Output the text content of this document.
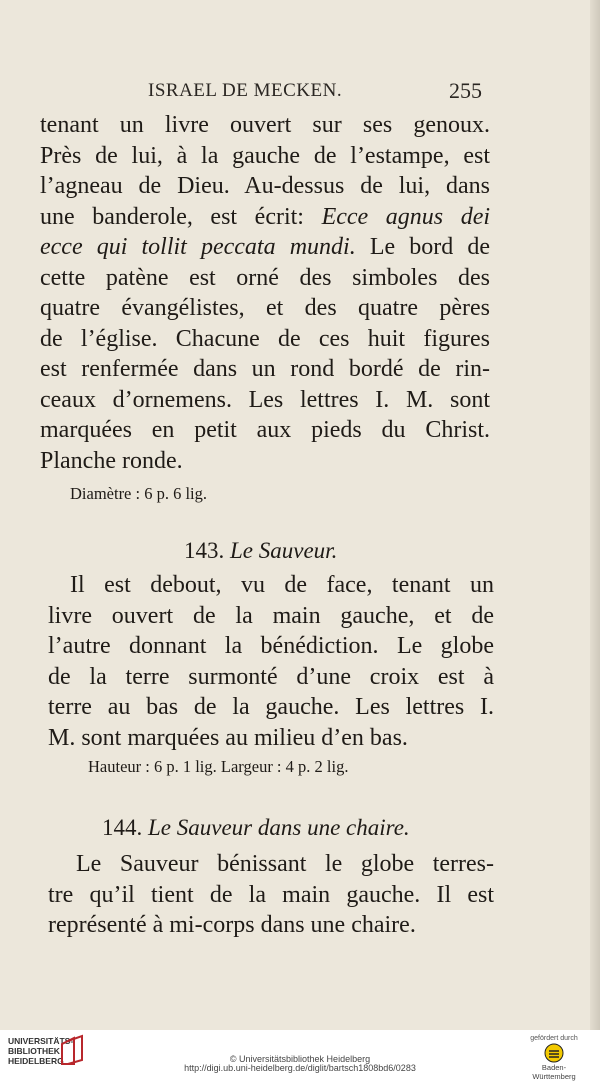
ISRAEL DE MECKEN.	255
tenant un livre ouvert sur ses genoux.
Près de lui, à la gauche de l’estampe, est
l’agneau de Dieu. Au-dessus de lui, dans
une banderole, est écrit: Ecce agnus dei
ecce qui tollit peccata mundi. Le bord de
cette patène est orné des simboles des
quatre évangélistes, et des quatre pères
de l’église. Chacune de ces huit figures
est renfermée dans un rond bordé de rin-
ceaux d’ornemens. Les lettres I. M. sont
marquées en petit aux pieds du Christ.
Planche ronde.
Diamètre : 6 p. 6 lig.
143. Le Sauveur.
Il est debout, vu de face, tenant un
livre ouvert de la main gauche, et de
l’autre donnant la bénédiction. Le globe
de la terre surmonté d’une croix est à
terre au bas de la gauche. Les lettres I.
M. sont marquées au milieu d’en bas.
Hauteur : 6 p. 1 lig. Largeur : 4 p. 2 lig.
144. Le Sauveur dans une chaire.
Le Sauveur bénissant le globe terres-
tre qu’il tient de la main gauche. Il est
représenté à mi-corps dans une chaire.
UNIVERSITÄTS-
BIBLIOTHEK
HEIDELBERG	© Universitätsbibliothek Heidelberg
http://digi.ub.uni-heidelberg.de/diglit/bartsch1808bd6/0283
gefördert durch
Baden-Württemberg
